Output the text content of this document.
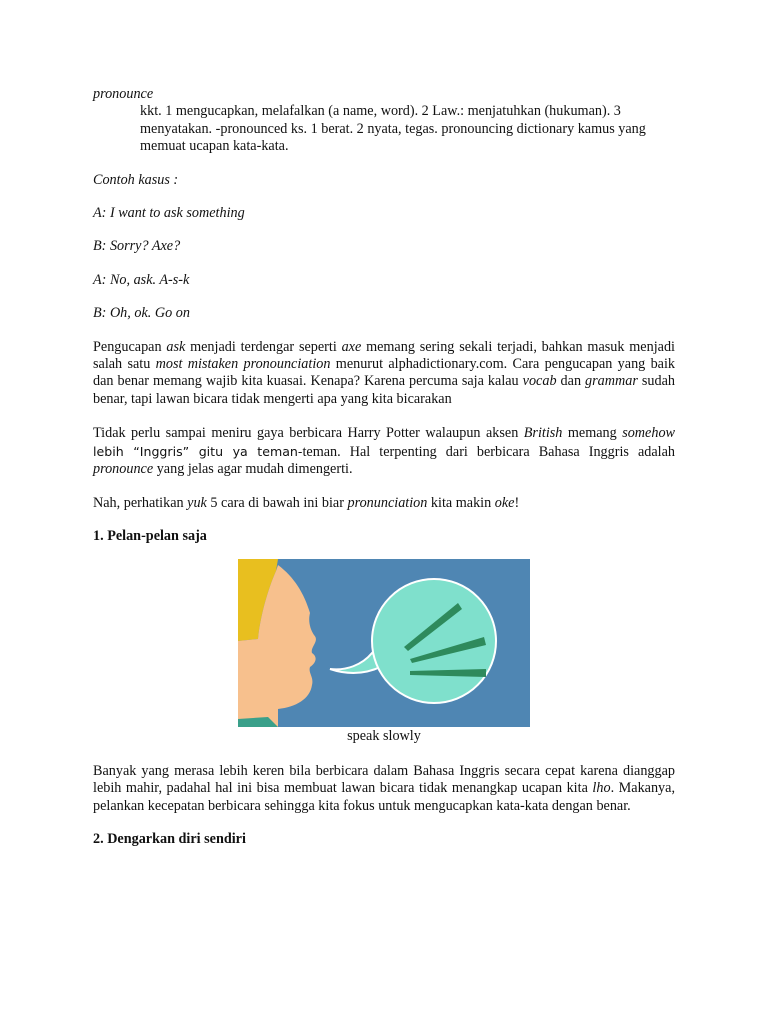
pronounce

kkt. 1 mengucapkan, melafalkan (a name, word). 2 Law.: menjatuhkan (hukuman). 3 menyatakan. -pronounced ks. 1 berat. 2 nyata, tegas. pronouncing dictionary kamus yang memuat ucapan kata-kata.

Contoh kasus :

A: I want to ask something

B: Sorry? Axe?

A: No, ask. A-s-k

B: Oh, ok. Go on

Pengucapan ask menjadi terdengar seperti axe memang sering sekali terjadi, bahkan masuk menjadi salah satu most mistaken pronounciation menurut alphadictionary.com. Cara pengucapan yang baik dan benar memang wajib kita kuasai. Kenapa? Karena percuma saja kalau vocab dan grammar sudah benar, tapi lawan bicara tidak mengerti apa yang kita bicarakan

Tidak perlu sampai meniru gaya berbicara Harry Potter walaupun aksen British memang somehow lebih “Inggris” gitu ya teman-teman. Hal terpenting dari berbicara Bahasa Inggris adalah pronounce yang jelas agar mudah dimengerti.

Nah, perhatikan yuk 5 cara di bawah ini biar pronunciation kita makin oke!

1. Pelan-pelan saja

speak slowly

Banyak yang merasa lebih keren bila berbicara dalam Bahasa Inggris secara cepat karena dianggap lebih mahir, padahal hal ini bisa membuat lawan bicara tidak menangkap ucapan kita lho. Makanya, pelankan kecepatan berbicara sehingga kita fokus untuk mengucapkan kata-kata dengan benar.

2. Dengarkan diri sendiri
